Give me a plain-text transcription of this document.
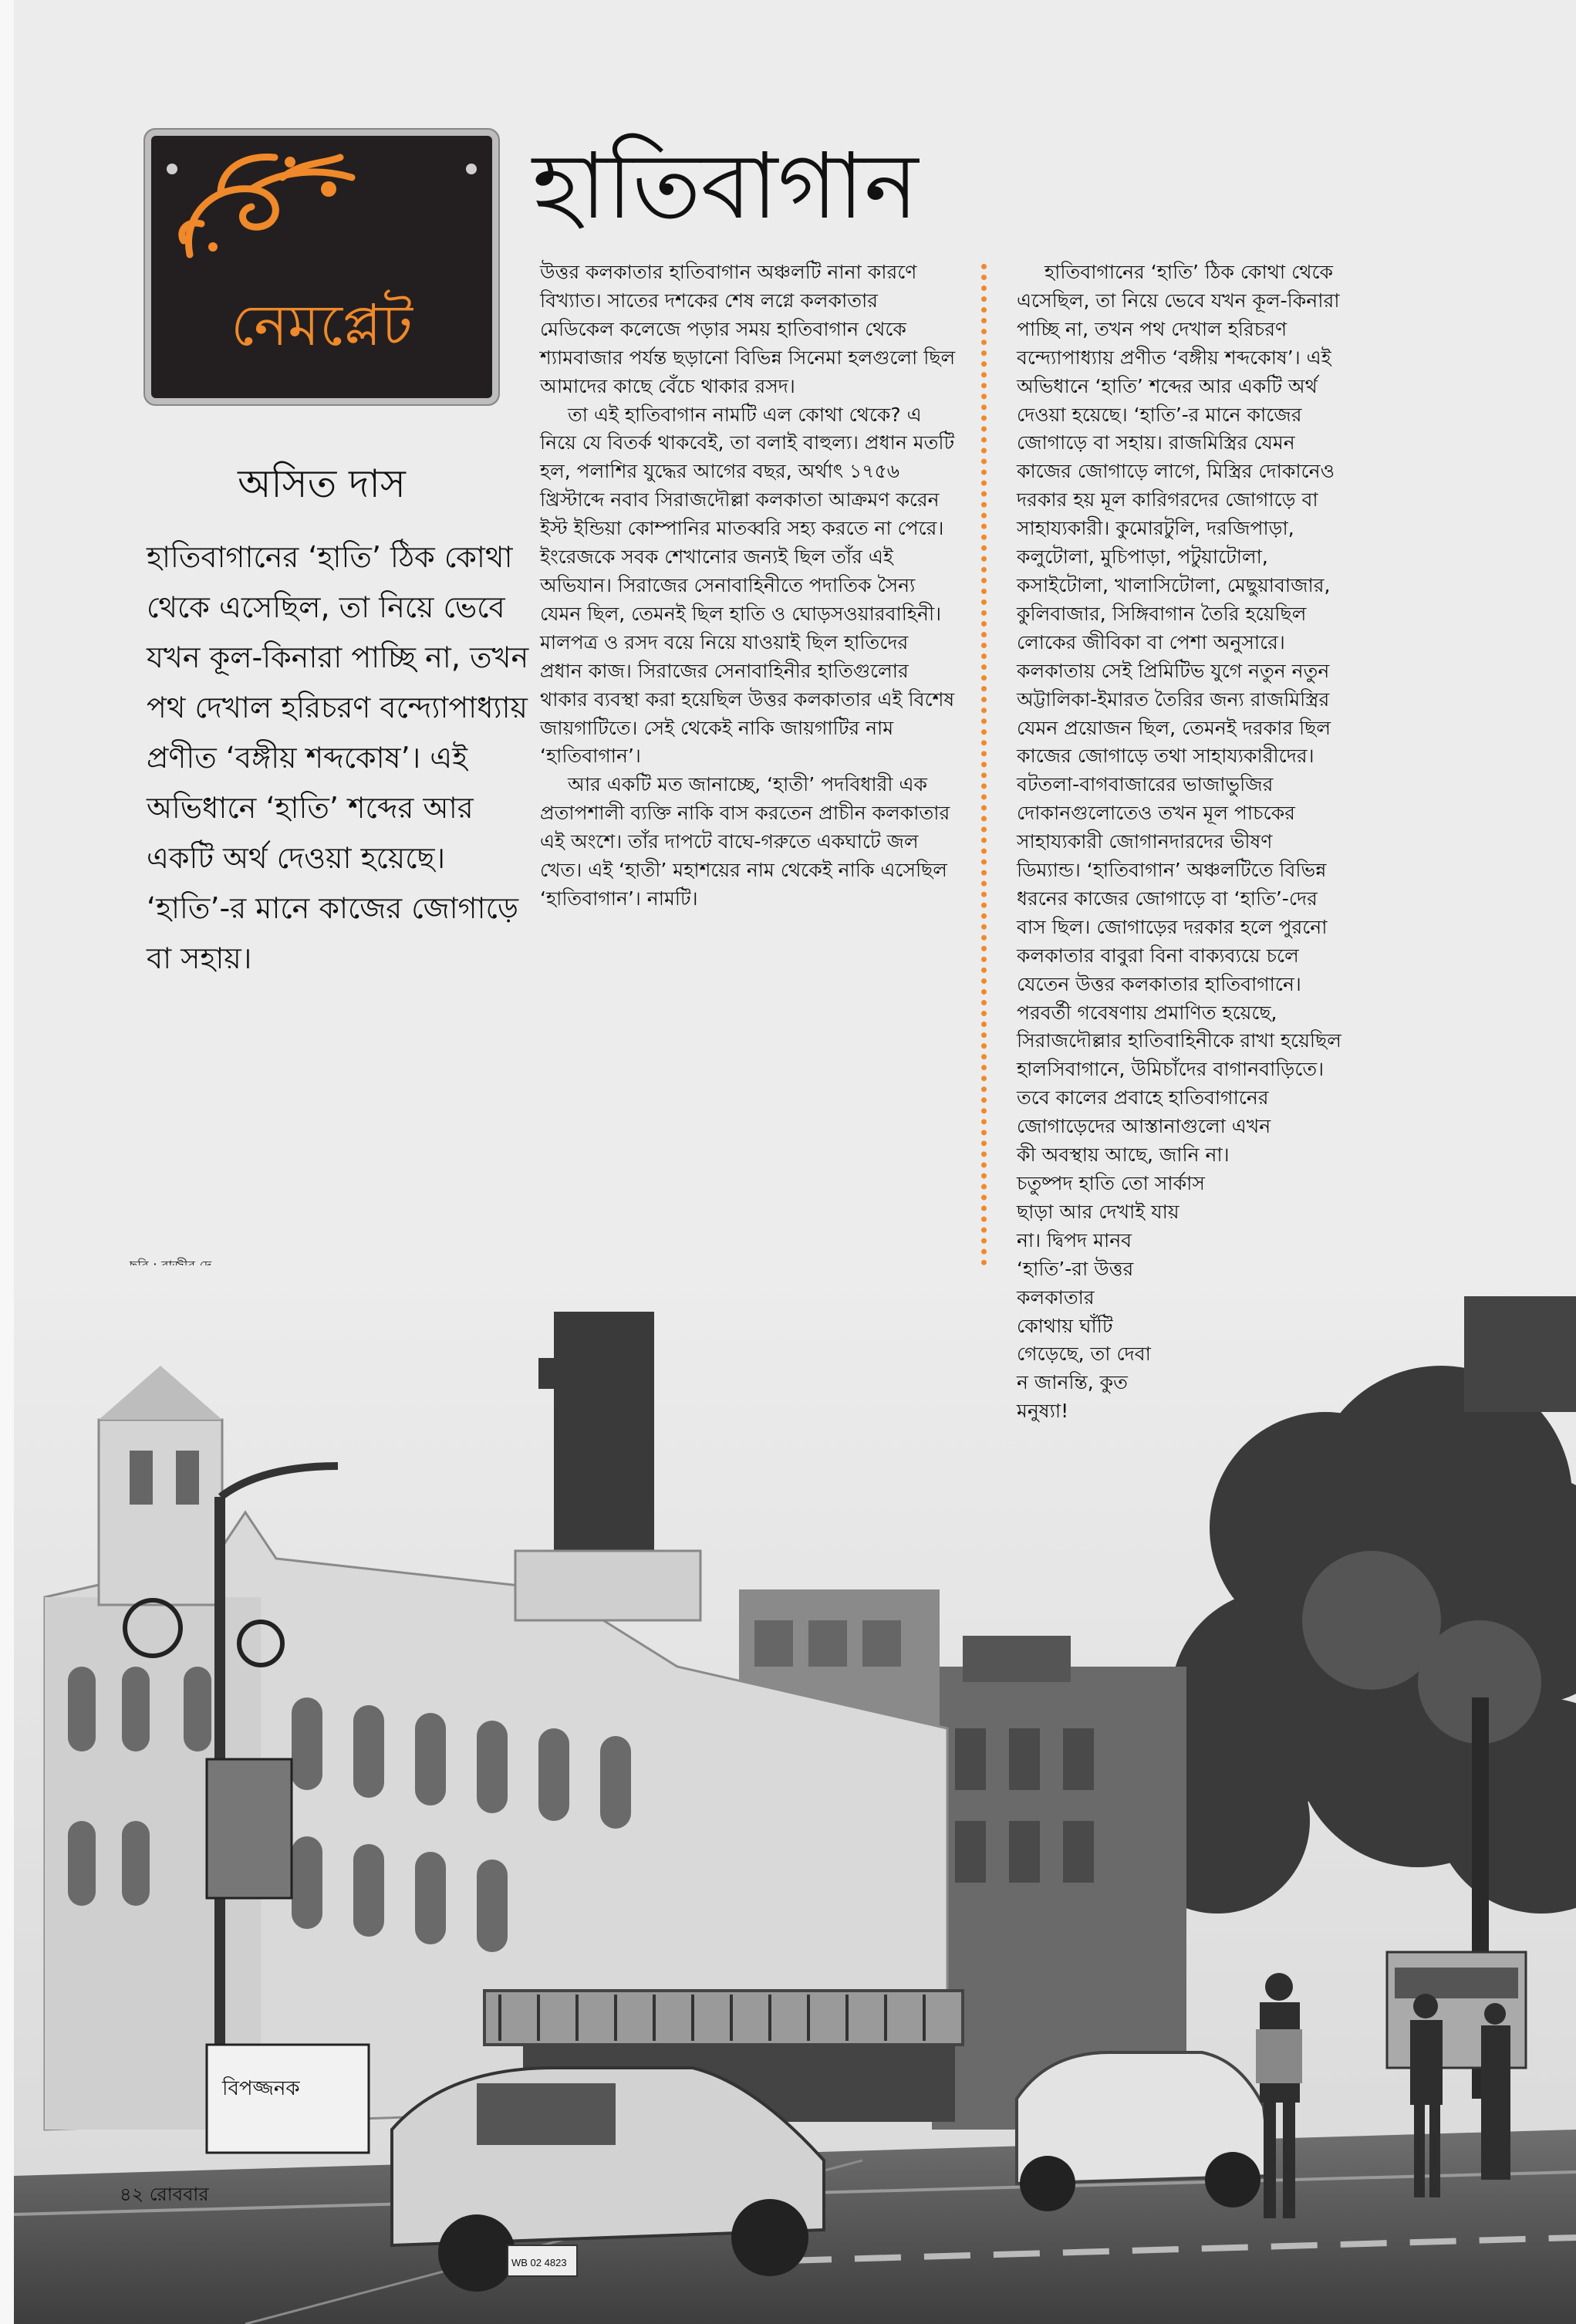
নেমপ্লেট
হাতিবাগান
অসিত দাস
হাতিবাগানের ‘হাতি’ ঠিক কোথা থেকে এসেছিল, তা নিয়ে ভেবে যখন কূল-কিনারা পাচ্ছি না, তখন পথ দেখাল হরিচরণ বন্দ্যোপাধ্যায় প্রণীত ‘বঙ্গীয় শব্দকোষ’। এই অভিধানে ‘হাতি’ শব্দের আর একটি অর্থ দেওয়া হয়েছে। ‘হাতি’-র মানে কাজের জোগাড়ে বা সহায়।

উত্তর কলকাতার হাতিবাগান অঞ্চলটি নানা কারণে বিখ্যাত। সাতের দশকের শেষ লগ্নে কলকাতার মেডিকেল কলেজে পড়ার সময় হাতিবাগান থেকে শ্যামবাজার পর্যন্ত ছড়ানো বিভিন্ন সিনেমা হলগুলো ছিল আমাদের কাছে বেঁচে থাকার রসদ।

তা এই হাতিবাগান নামটি এল কোথা থেকে? এ নিয়ে যে বিতর্ক থাকবেই, তা বলাই বাহুল্য। প্রধান মতটি হল, পলাশির যুদ্ধের আগের বছর, অর্থাৎ ১৭৫৬ খ্রিস্টাব্দে নবাব সিরাজদৌল্লা কলকাতা আক্রমণ করেন ইস্ট ইন্ডিয়া কোম্পানির মাতব্বরি সহ্য করতে না পেরে। ইংরেজকে সবক শেখানোর জন্যই ছিল তাঁর এই অভিযান। সিরাজের সেনাবাহিনীতে পদাতিক সৈন্য যেমন ছিল, তেমনই ছিল হাতি ও ঘোড়সওয়ারবাহিনী। মালপত্র ও রসদ বয়ে নিয়ে যাওয়াই ছিল হাতিদের প্রধান কাজ। সিরাজের সেনাবাহিনীর হাতিগুলোর থাকার ব্যবস্থা করা হয়েছিল উত্তর কলকাতার এই বিশেষ জায়গাটিতে। সেই থেকেই নাকি জায়গাটির নাম ‘হাতিবাগান’।

আর একটি মত জানাচ্ছে, ‘হাতী’ পদবিধারী এক প্রতাপশালী ব্যক্তি নাকি বাস করতেন প্রাচীন কলকাতার এই অংশে। তাঁর দাপটে বাঘে-গরুতে একঘাটে জল খেত। এই ‘হাতী’ মহাশয়ের নাম থেকেই নাকি এসেছিল ‘হাতিবাগান’। নামটি।

বিপজ্জনক
WB 02 4823
হাতিবাগানের ‘হাতি’ ঠিক কোথা থেকে
এসেছিল, তা নিয়ে ভেবে যখন কূল-কিনারা
পাচ্ছি না, তখন পথ দেখাল হরিচরণ
বন্দ্যোপাধ্যায় প্রণীত ‘বঙ্গীয় শব্দকোষ’। এই
অভিধানে ‘হাতি’ শব্দের আর একটি অর্থ
দেওয়া হয়েছে। ‘হাতি’-র মানে কাজের
জোগাড়ে বা সহায়। রাজমিস্ত্রির যেমন
কাজের জোগাড়ে লাগে, মিস্ত্রির দোকানেও
দরকার হয় মূল কারিগরদের জোগাড়ে বা
সাহায্যকারী। কুমোরটুলি, দরজিপাড়া,
কলুটোলা, মুচিপাড়া, পটুয়াটোলা,
কসাইটোলা, খালাসিটোলা, মেছুয়াবাজার,
কুলিবাজার, সিঙ্গিবাগান তৈরি হয়েছিল
লোকের জীবিকা বা পেশা অনুসারে।
কলকাতায় সেই প্রিমিটিভ যুগে নতুন নতুন
অট্টালিকা-ইমারত তৈরির জন্য রাজমিস্ত্রির
যেমন প্রয়োজন ছিল, তেমনই দরকার ছিল
কাজের জোগাড়ে তথা সাহায্যকারীদের।
বটতলা-বাগবাজারের ভাজাভুজির
দোকানগুলোতেও তখন মূল পাচকের
সাহায্যকারী জোগানদারদের ভীষণ
ডিম্যান্ড। ‘হাতিবাগান’ অঞ্চলটিতে বিভিন্ন
ধরনের কাজের জোগাড়ে বা ‘হাতি’-দের
বাস ছিল। জোগাড়ের দরকার হলে পুরনো
কলকাতার বাবুরা বিনা বাক্যব্যয়ে চলে
যেতেন উত্তর কলকাতার হাতিবাগানে।
পরবর্তী গবেষণায় প্রমাণিত হয়েছে,
সিরাজদৌল্লার হাতিবাহিনীকে রাখা হয়েছিল
হালসিবাগানে, উমিচাঁদের বাগানবাড়িতে।
তবে কালের প্রবাহে হাতিবাগানের
জোগাড়েদের আস্তানাগুলো এখন
কী অবস্থায় আছে, জানি না।
চতুষ্পদ হাতি তো সার্কাস
ছাড়া আর দেখাই যায়
না। দ্বিপদ মানব
‘হাতি’-রা উত্তর
কলকাতার
কোথায় ঘাঁটি
গেড়েছে, তা দেবা
ন জানন্তি, কুত
মনুষ্যা!
৪২ রোববার
